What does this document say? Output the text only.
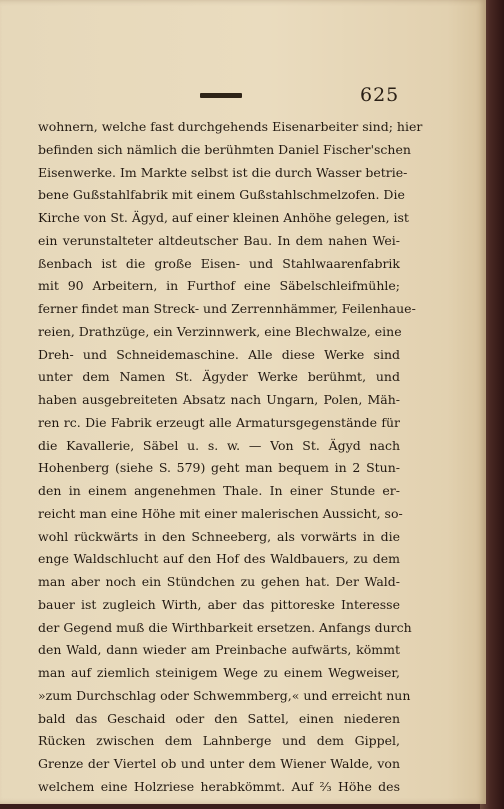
625
wohnern, welche fast durchgehends Eisenarbeiter sind; hier
befinden sich nämlich die berühmten Daniel Fischer'schen
Eisenwerke. Im Markte selbst ist die durch Wasser betrie-
bene Gußstahlfabrik mit einem Gußstahlschmelzofen. Die
Kirche von St. Ägyd, auf einer kleinen Anhöhe gelegen, ist
ein verunstalteter altdeutscher Bau. In dem nahen Wei-
ßenbach ist die große Eisen- und Stahlwaarenfabrik
mit 90 Arbeitern, in Furthof eine Säbelschleifmühle;
ferner findet man Streck- und Zerrennhämmer, Feilenhaue-
reien, Drathzüge, ein Verzinnwerk, eine Blechwalze, eine
Dreh- und Schneidemaschine. Alle diese Werke sind
unter dem Namen St. Ägyder Werke berühmt, und
haben ausgebreiteten Absatz nach Ungarn, Polen, Mäh-
ren rc. Die Fabrik erzeugt alle Armatursgegenstände für
die Kavallerie, Säbel u. s. w. — Von St. Ägyd nach
Hohenberg (siehe S. 579) geht man bequem in 2 Stun-
den in einem angenehmen Thale. In einer Stunde er-
reicht man eine Höhe mit einer malerischen Aussicht, so-
wohl rückwärts in den Schneeberg, als vorwärts in die
enge Waldschlucht auf den Hof des Waldbauers, zu dem
man aber noch ein Stündchen zu gehen hat. Der Wald-
bauer ist zugleich Wirth, aber das pittoreske Interesse
der Gegend muß die Wirthbarkeit ersetzen. Anfangs durch
den Wald, dann wieder am Preinbache aufwärts, kömmt
man auf ziemlich steinigem Wege zu einem Wegweiser,
»zum Durchschlag oder Schwemmberg,« und erreicht nun
bald das Geschaid oder den Sattel, einen niederen
Rücken zwischen dem Lahnberge und dem Gippel,
Grenze der Viertel ob und unter dem Wiener Walde, von
welchem eine Holzriese herabkömmt. Auf ⅔ Höhe des
